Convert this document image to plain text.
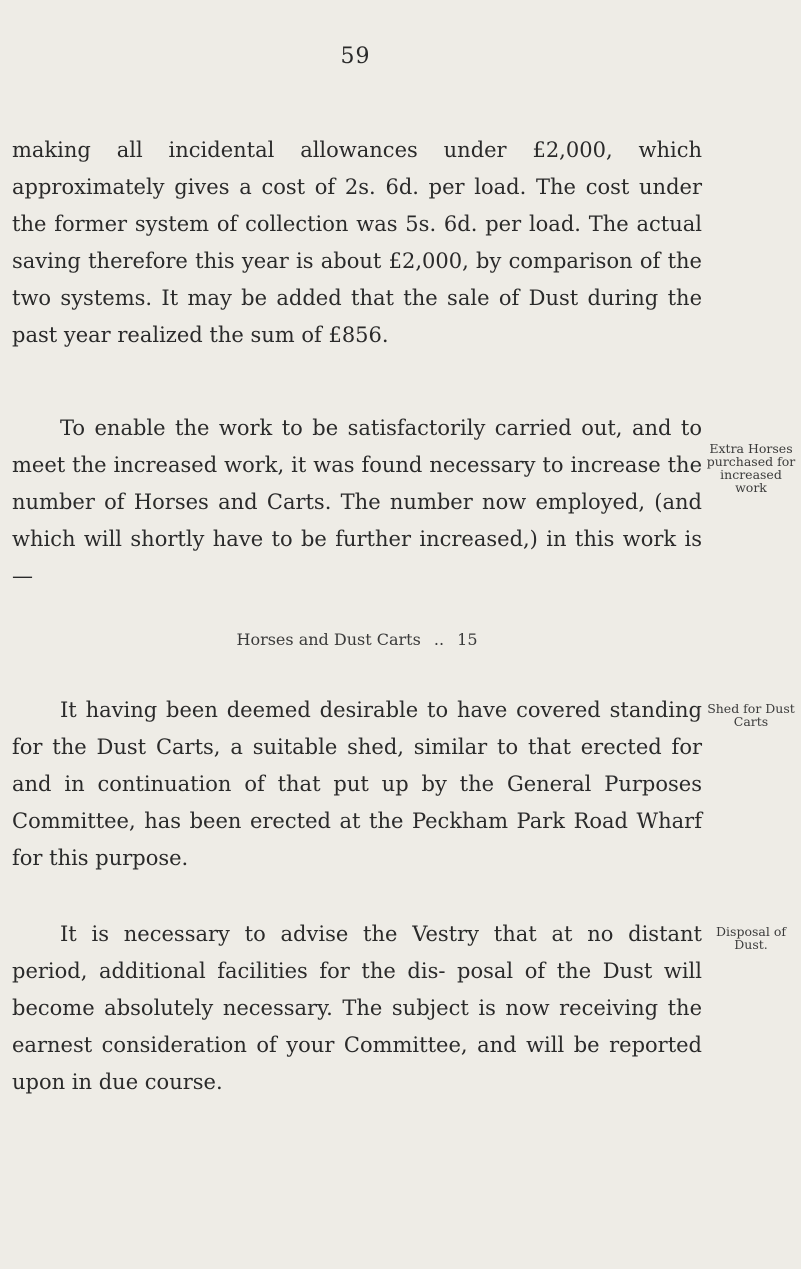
59

making all incidental allowances under £2,000, which approximately gives a cost of 2s. 6d. per load. The cost under the former system of collection was 5s. 6d. per load. The actual saving therefore this year is about £2,000, by comparison of the two systems. It may be added that the sale of Dust during the past year realized the sum of £856.

To enable the work to be satisfactorily carried out, and to meet the increased work, it was found necessary to increase the number of Horses and Carts. The number now employed, (and which will shortly have to be further increased,) in this work is—

Horses and Dust Carts .. 15

It having been deemed desirable to have covered standing for the Dust Carts, a suitable shed, similar to that erected for and in continuation of that put up by the General Purposes Committee, has been erected at the Peckham Park Road Wharf for this purpose.

It is necessary to advise the Vestry that at no distant period, additional facilities for the dis- posal of the Dust will become absolutely necessary. The subject is now receiving the earnest consideration of your Committee, and will be reported upon in due course.

Extra Horses purchased for increased work
Shed for Dust Carts
Disposal of Dust.
